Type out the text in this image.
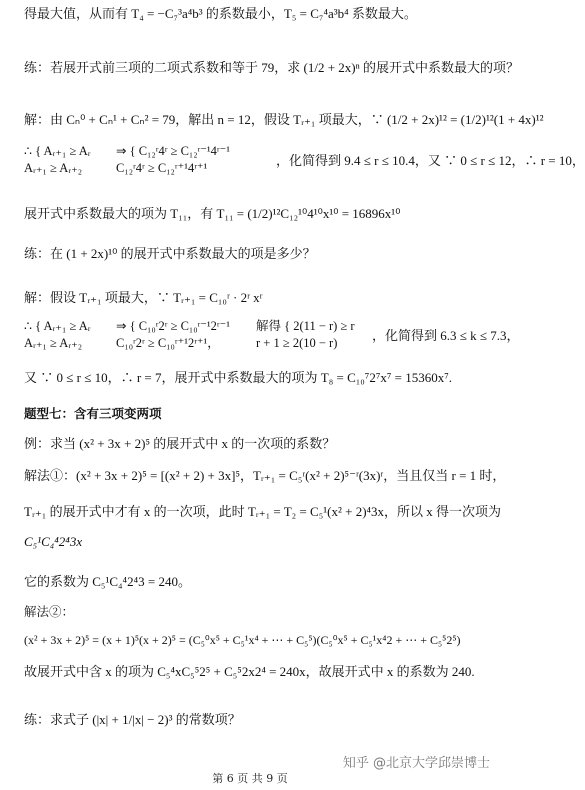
得最大值，从而有 T₄ = −C₇³a⁴b³ 的系数最小，T₅ = C₇⁴a³b⁴ 系数最大。
练：若展开式前三项的二项式系数和等于 79，求 (1/2 + 2x)ⁿ 的展开式中系数最大的项？
解：由 Cₙ⁰ + Cₙ¹ + Cₙ² = 79，解出 n = 12，假设 Tᵣ₊₁ 项最大，∵ (1/2 + 2x)¹² = (1/2)¹²(1 + 4x)¹²
∴ { Aᵣ₊₁ ≥ Aᵣ
Aᵣ₊₁ ≥ Aᵣ₊₂
⇒ { C₁₂ʳ4ʳ ≥ C₁₂ʳ⁻¹4ʳ⁻¹
C₁₂ʳ4ʳ ≥ C₁₂ʳ⁺¹4ʳ⁺¹	，化简得到 9.4 ≤ r ≤ 10.4，又 ∵ 0 ≤ r ≤ 12，∴ r = 10，
展开式中系数最大的项为 T₁₁，有 T₁₁ = (1/2)¹²C₁₂¹⁰4¹⁰x¹⁰ = 16896x¹⁰
练：在 (1 + 2x)¹⁰ 的展开式中系数最大的项是多少？
解：假设 Tᵣ₊₁ 项最大，∵ Tᵣ₊₁ = C₁₀ʳ · 2ʳ xʳ
∴ { Aᵣ₊₁ ≥ Aᵣ
Aᵣ₊₁ ≥ Aᵣ₊₂
⇒ { C₁₀ʳ2ʳ ≥ C₁₀ʳ⁻¹2ʳ⁻¹
C₁₀ʳ2ʳ ≥ C₁₀ʳ⁺¹2ʳ⁺¹，
解得 { 2(11 − r) ≥ r
r + 1 ≥ 2(10 − r)	，化简得到 6.3 ≤ k ≤ 7.3，
又 ∵ 0 ≤ r ≤ 10，∴ r = 7，展开式中系数最大的项为 T₈ = C₁₀⁷2⁷x⁷ = 15360x⁷.
题型七：含有三项变两项
例：求当 (x² + 3x + 2)⁵ 的展开式中 x 的一次项的系数？
解法①：(x² + 3x + 2)⁵ = [(x² + 2) + 3x]⁵，Tᵣ₊₁ = C₅ʳ(x² + 2)⁵⁻ʳ(3x)ʳ，当且仅当 r = 1 时，
Tᵣ₊₁ 的展开式中才有 x 的一次项，此时 Tᵣ₊₁ = T₂ = C₅¹(x² + 2)⁴3x，所以 x 得一次项为
C₅¹C₄⁴2⁴3x
它的系数为 C₅¹C₄⁴2⁴3 = 240。
解法②：
(x² + 3x + 2)⁵ = (x + 1)⁵(x + 2)⁵ = (C₅⁰x⁵ + C₅¹x⁴ + ⋯ + C₅⁵)(C₅⁰x⁵ + C₅¹x⁴2 + ⋯ + C₅⁵2⁵)
故展开式中含 x 的项为 C₅⁴xC₅⁵2⁵ + C₅⁵2x2⁴ = 240x，故展开式中 x 的系数为 240.
练：求式子 (|x| + 1/|x| − 2)³ 的常数项？
第 6 页 共 9 页
知乎 @北京大学邱崇博士
